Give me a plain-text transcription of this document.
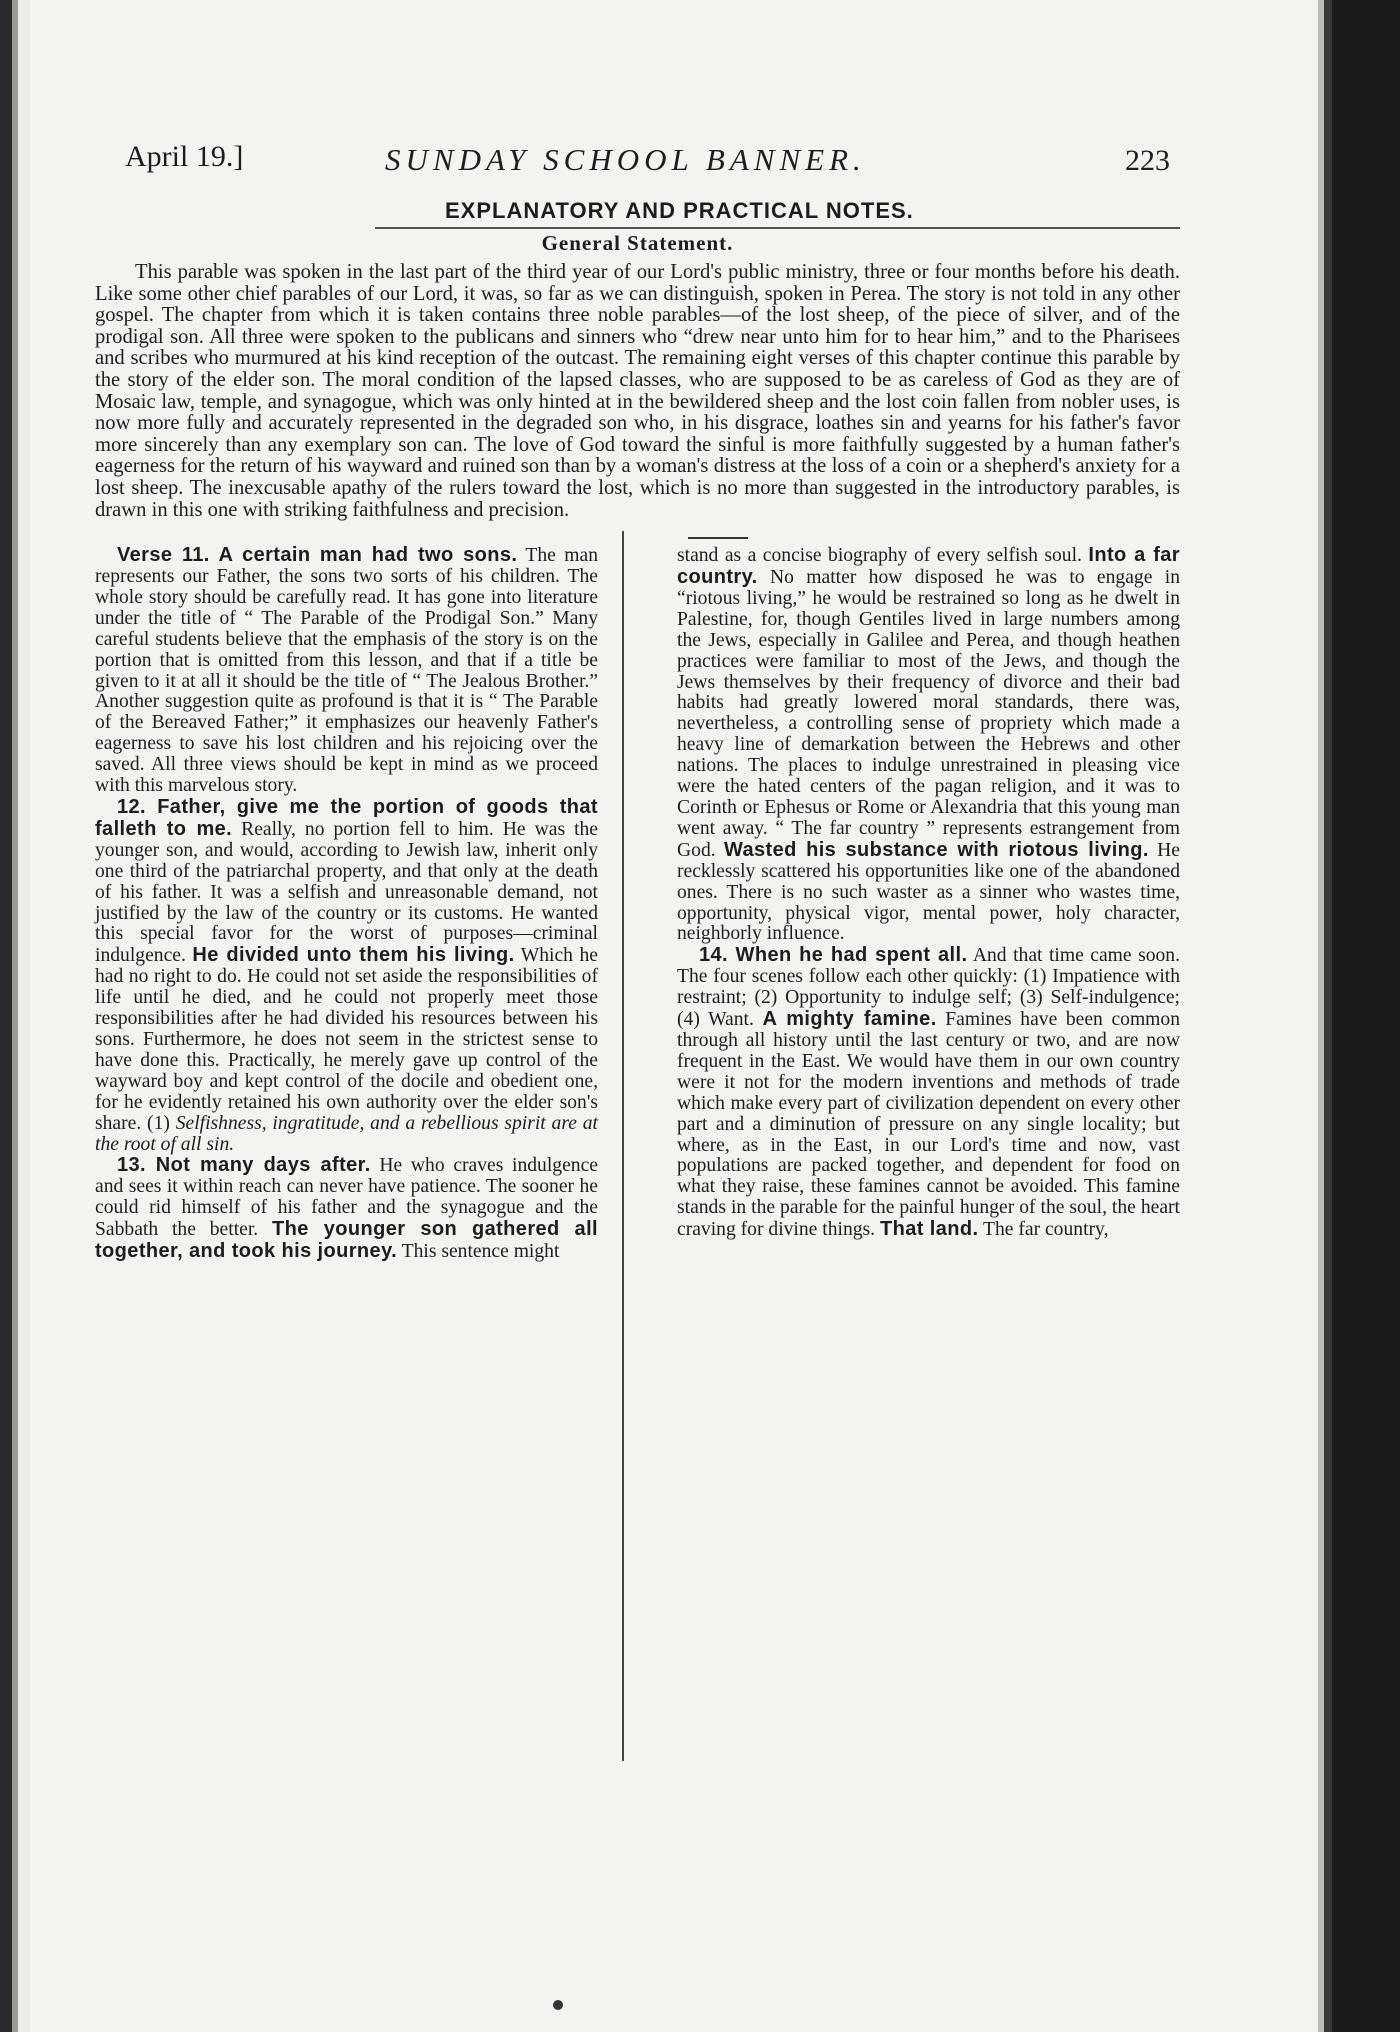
April 19.]	SUNDAY SCHOOL BANNER.	223
EXPLANATORY AND PRACTICAL NOTES.
General Statement.

This parable was spoken in the last part of the third year of our Lord's public ministry, three or four months before his death. Like some other chief parables of our Lord, it was, so far as we can distinguish, spoken in Perea. The story is not told in any other gospel. The chapter from which it is taken contains three noble parables—of the lost sheep, of the piece of silver, and of the prodigal son. All three were spoken to the publicans and sinners who “drew near unto him for to hear him,” and to the Pharisees and scribes who murmured at his kind reception of the outcast. The remaining eight verses of this chapter continue this parable by the story of the elder son. The moral condition of the lapsed classes, who are supposed to be as careless of God as they are of Mosaic law, temple, and synagogue, which was only hinted at in the bewildered sheep and the lost coin fallen from nobler uses, is now more fully and accurately represented in the degraded son who, in his disgrace, loathes sin and yearns for his father's favor more sincerely than any exemplary son can. The love of God toward the sinful is more faithfully suggested by a human father's eagerness for the return of his wayward and ruined son than by a woman's distress at the loss of a coin or a shepherd's anxiety for a lost sheep. The inexcusable apathy of the rulers toward the lost, which is no more than suggested in the introductory parables, is drawn in this one with striking faithfulness and precision.

Verse 11. A certain man had two sons. The man represents our Father, the sons two sorts of his children. The whole story should be carefully read. It has gone into literature under the title of “ The Parable of the Prodigal Son.” Many careful students believe that the emphasis of the story is on the portion that is omitted from this lesson, and that if a title be given to it at all it should be the title of “ The Jealous Brother.” Another suggestion quite as profound is that it is “ The Parable of the Bereaved Father;” it emphasizes our heavenly Father's eagerness to save his lost children and his rejoicing over the saved. All three views should be kept in mind as we proceed with this marvelous story.

12. Father, give me the portion of goods that falleth to me. Really, no portion fell to him. He was the younger son, and would, according to Jewish law, inherit only one third of the patriarchal property, and that only at the death of his father. It was a selfish and unreasonable demand, not justified by the law of the country or its customs. He wanted this special favor for the worst of purposes—criminal indulgence. He divided unto them his living. Which he had no right to do. He could not set aside the responsibilities of life until he died, and he could not properly meet those responsibilities after he had divided his resources between his sons. Furthermore, he does not seem in the strictest sense to have done this. Practically, he merely gave up control of the wayward boy and kept control of the docile and obedient one, for he evidently retained his own authority over the elder son's share. (1) Selfishness, ingratitude, and a rebellious spirit are at the root of all sin.

13. Not many days after. He who craves indulgence and sees it within reach can never have patience. The sooner he could rid himself of his father and the synagogue and the Sabbath the better. The younger son gathered all together, and took his journey. This sentence might

stand as a concise biography of every selfish soul. Into a far country. No matter how disposed he was to engage in “riotous living,” he would be restrained so long as he dwelt in Palestine, for, though Gentiles lived in large numbers among the Jews, especially in Galilee and Perea, and though heathen practices were familiar to most of the Jews, and though the Jews themselves by their frequency of divorce and their bad habits had greatly lowered moral standards, there was, nevertheless, a controlling sense of propriety which made a heavy line of demarkation between the Hebrews and other nations. The places to indulge unrestrained in pleasing vice were the hated centers of the pagan religion, and it was to Corinth or Ephesus or Rome or Alexandria that this young man went away. “ The far country ” represents estrangement from God. Wasted his substance with riotous living. He recklessly scattered his opportunities like one of the abandoned ones. There is no such waster as a sinner who wastes time, opportunity, physical vigor, mental power, holy character, neighborly influence.

14. When he had spent all. And that time came soon. The four scenes follow each other quickly: (1) Impatience with restraint; (2) Opportunity to indulge self; (3) Self-indulgence; (4) Want. A mighty famine. Famines have been common through all history until the last century or two, and are now frequent in the East. We would have them in our own country were it not for the modern inventions and methods of trade which make every part of civilization dependent on every other part and a diminution of pressure on any single locality; but where, as in the East, in our Lord's time and now, vast populations are packed together, and dependent for food on what they raise, these famines cannot be avoided. This famine stands in the parable for the painful hunger of the soul, the heart craving for divine things. That land. The far country,
